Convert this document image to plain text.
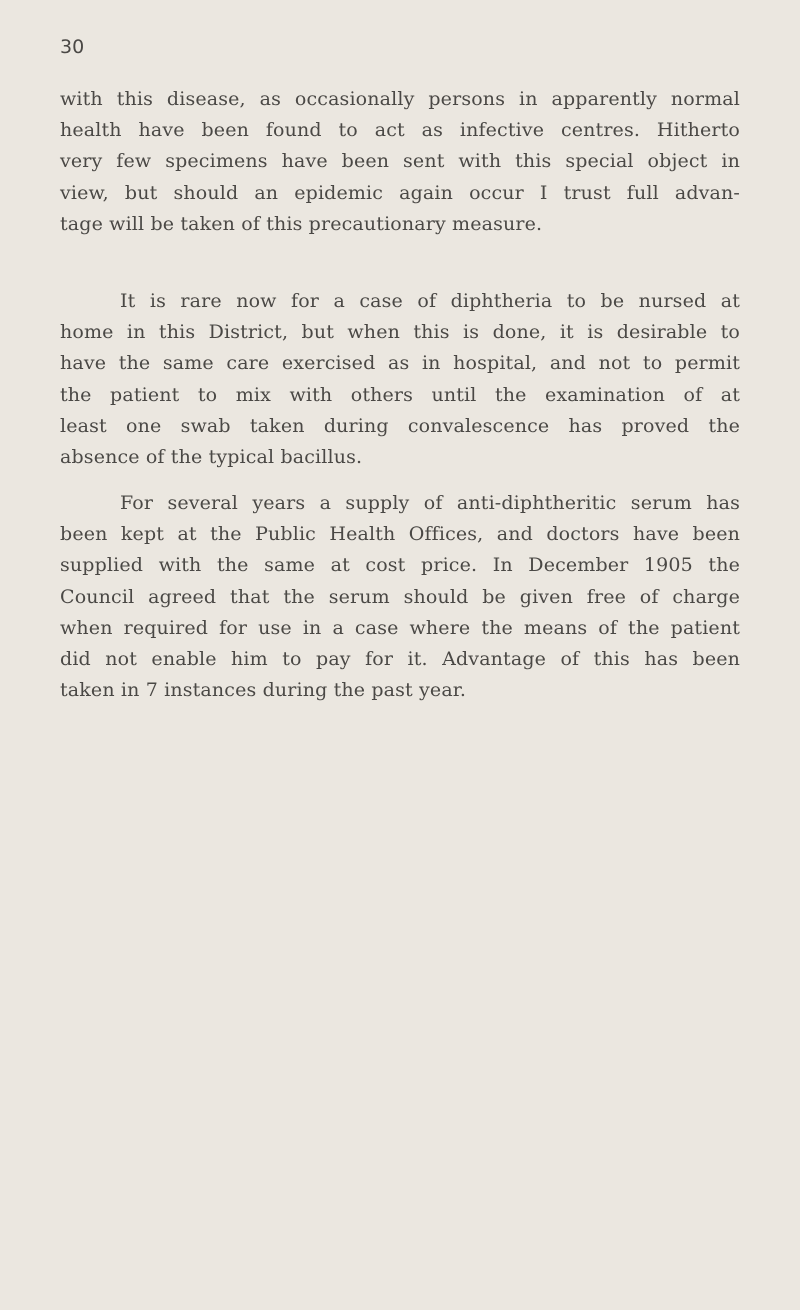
30
with this disease, as occasionally persons in apparently normal
health have been found to act as infective centres. Hitherto
very few specimens have been sent with this special object in
view, but should an epidemic again occur I trust full advan-
tage will be taken of this precautionary measure.
It is rare now for a case of diphtheria to be nursed at
home in this District, but when this is done, it is desirable to
have the same care exercised as in hospital, and not to permit
the patient to mix with others until the examination of at
least one swab taken during convalescence has proved the
absence of the typical bacillus.
For several years a supply of anti-diphtheritic serum has
been kept at the Public Health Offices, and doctors have been
supplied with the same at cost price. In December 1905 the
Council agreed that the serum should be given free of charge
when required for use in a case where the means of the patient
did not enable him to pay for it. Advantage of this has been
taken in 7 instances during the past year.
